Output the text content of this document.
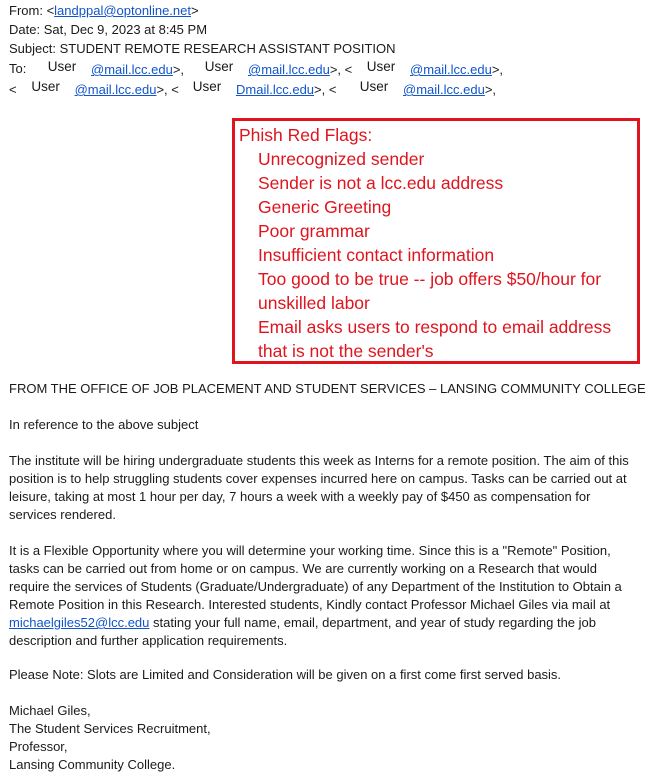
From: <landppal@optonline.net>
Date: Sat, Dec 9, 2023 at 8:45 PM
Subject: STUDENT REMOTE RESEARCH ASSISTANT POSITION
To:	User @mail.lcc.edu>,	User @mail.lcc.edu>, <	User @mail.lcc.edu>,
< User @mail.lcc.edu>, <	User Dmail.lcc.edu>, <	User @mail.lcc.edu>,
Phish Red Flags:
Unrecognized sender
Sender is not a lcc.edu address
Generic Greeting
Poor grammar
Insufficient contact information
Too good to be true -- job offers $50/hour for
unskilled labor
Email asks users to respond to email address
that is not the sender's
FROM THE OFFICE OF JOB PLACEMENT AND STUDENT SERVICES – LANSING COMMUNITY COLLEGE
In reference to the above subject

The institute will be hiring undergraduate students this week as Interns for a remote position. The aim of this position is to help struggling students cover expenses incurred here on campus. Tasks can be carried out at leisure, taking at most 1 hour per day, 7 hours a week with a weekly pay of $450 as compensation for services rendered.

It is a Flexible Opportunity where you will determine your working time. Since this is a "Remote" Position, tasks can be carried out from home or on campus. We are currently working on a Research that would require the services of Students (Graduate/Undergraduate) of any Department of the Institution to Obtain a Remote Position in this Research. Interested students, Kindly contact Professor Michael Giles via mail at michaelgiles52@lcc.edu stating your full name, email, department, and year of study regarding the job description and further application requirements.
Please Note: Slots are Limited and Consideration will be given on a first come first served basis.
Michael Giles,
The Student Services Recruitment,
Professor,
Lansing Community College.
